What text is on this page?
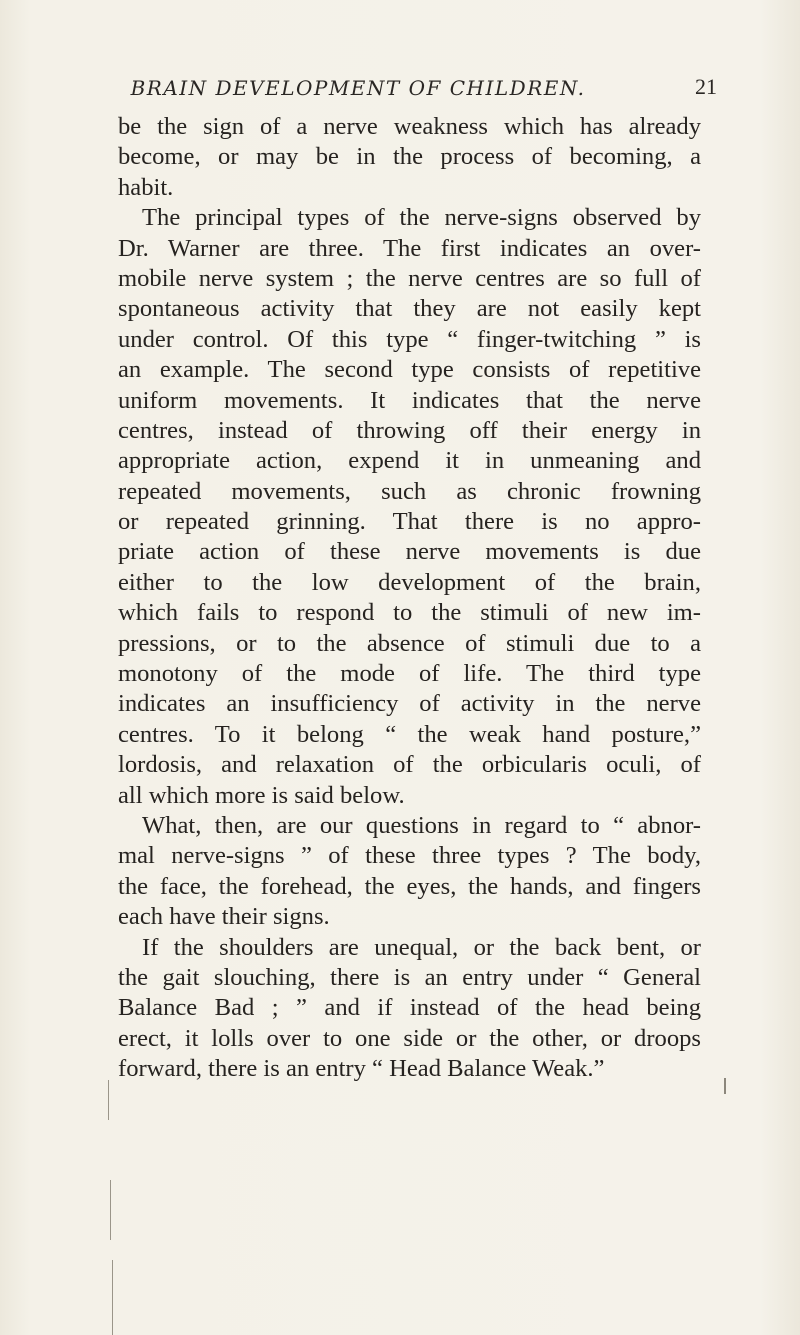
BRAIN DEVELOPMENT OF CHILDREN.	21
be the sign of a nerve weakness which has already
become, or may be in the process of becoming, a
habit.
The principal types of the nerve-signs observed by
Dr. Warner are three. The first indicates an over-
mobile nerve system ; the nerve centres are so full of
spontaneous activity that they are not easily kept
under control. Of this type “ finger-twitching ” is
an example. The second type consists of repetitive
uniform movements. It indicates that the nerve
centres, instead of throwing off their energy in
appropriate action, expend it in unmeaning and
repeated movements, such as chronic frowning
or repeated grinning. That there is no appro-
priate action of these nerve movements is due
either to the low development of the brain,
which fails to respond to the stimuli of new im-
pressions, or to the absence of stimuli due to a
monotony of the mode of life. The third type
indicates an insufficiency of activity in the nerve
centres. To it belong “ the weak hand posture,”
lordosis, and relaxation of the orbicularis oculi, of
all which more is said below.
What, then, are our questions in regard to “ abnor-
mal nerve-signs ” of these three types ? The body,
the face, the forehead, the eyes, the hands, and fingers
each have their signs.
If the shoulders are unequal, or the back bent, or
the gait slouching, there is an entry under “ General
Balance Bad ; ” and if instead of the head being
erect, it lolls over to one side or the other, or droops
forward, there is an entry “ Head Balance Weak.”
